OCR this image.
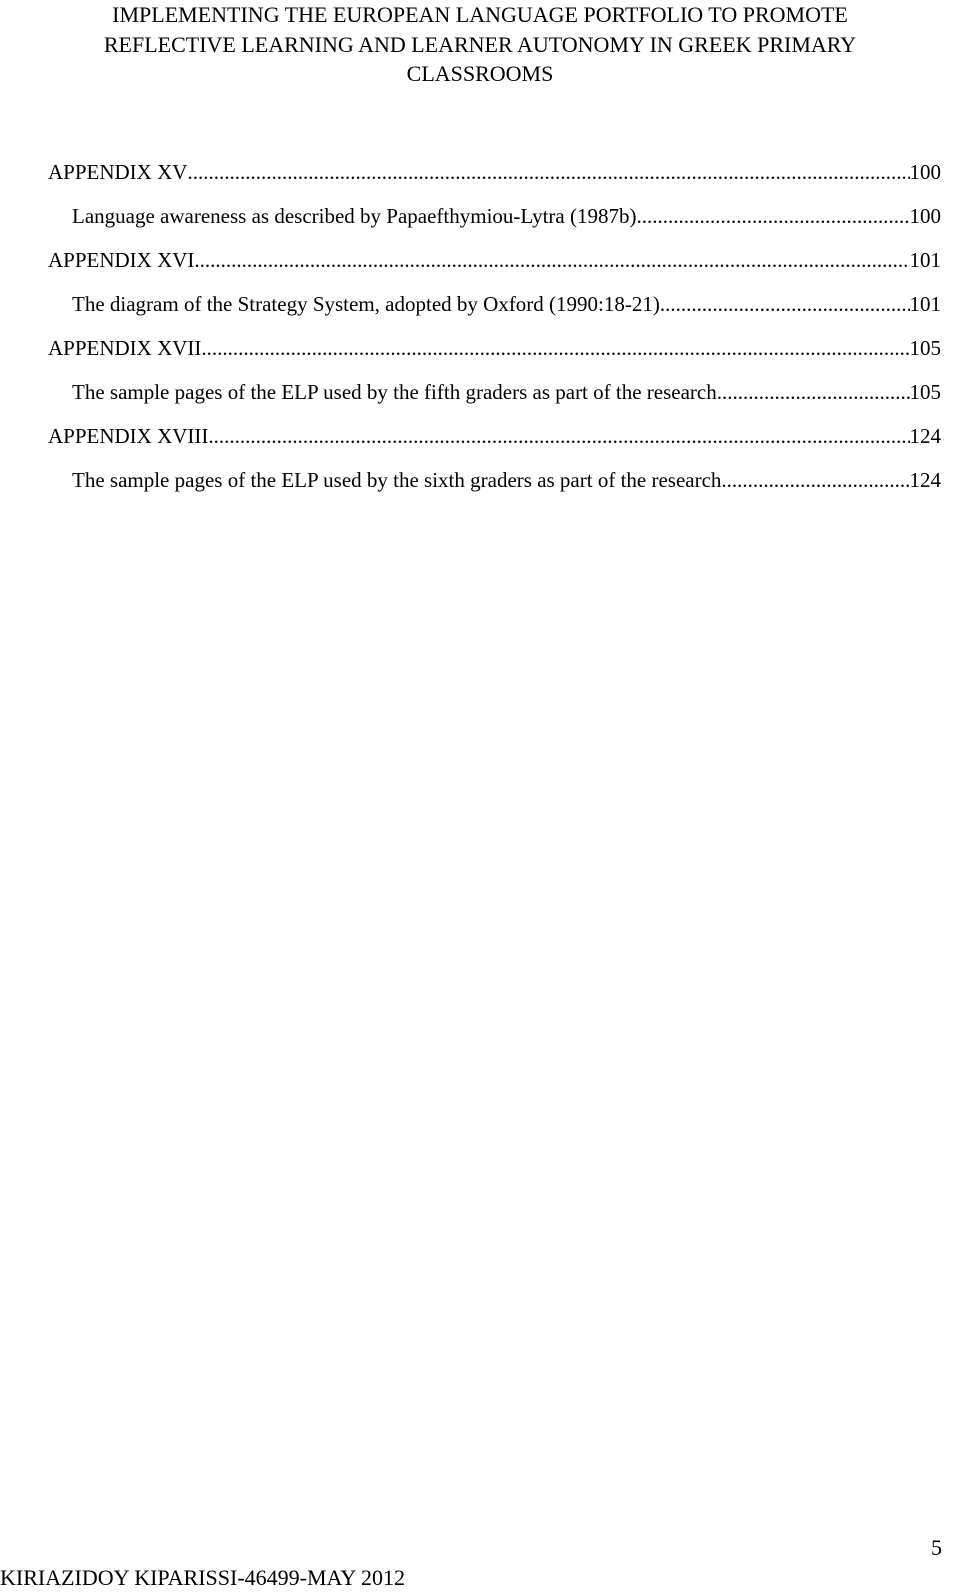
IMPLEMENTING THE EUROPEAN LANGUAGE PORTFOLIO TO PROMOTE
REFLECTIVE LEARNING AND LEARNER AUTONOMY IN GREEK PRIMARY
CLASSROOMS
APPENDIX XV .....	100
Language awareness as described by Papaefthymiou-Lytra (1987b) .....	100
APPENDIX XVI .....	101
The diagram of the Strategy System, adopted by Oxford (1990:18-21) .....	101
APPENDIX XVII .....	105
The sample pages of the ELP used by the fifth graders as part of the research. .....	105
APPENDIX XVIII .....	124
The sample pages of the ELP used by the sixth graders as part of the research .....	124
5
KIRIAZIDOY KIPARISSI-46499-MAY 2012
